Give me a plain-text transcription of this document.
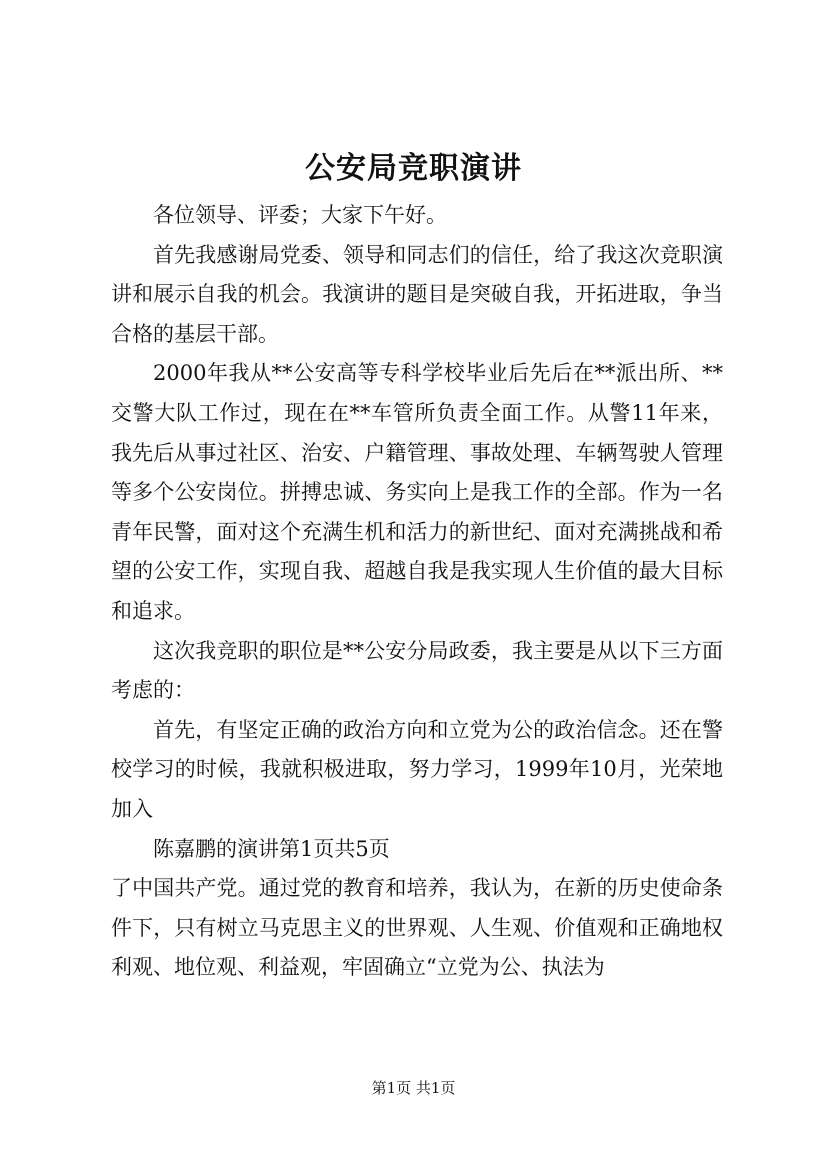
公安局竞职演讲

各位领导、评委；大家下午好。

首先我感谢局党委、领导和同志们的信任，给了我这次竞职演讲和展示自我的机会。我演讲的题目是突破自我，开拓进取，争当合格的基层干部。

2000年我从**公安高等专科学校毕业后先后在**派出所、**交警大队工作过，现在在**车管所负责全面工作。从警11年来，我先后从事过社区、治安、户籍管理、事故处理、车辆驾驶人管理等多个公安岗位。拼搏忠诚、务实向上是我工作的全部。作为一名青年民警，面对这个充满生机和活力的新世纪、面对充满挑战和希望的公安工作，实现自我、超越自我是我实现人生价值的最大目标和追求。

这次我竞职的职位是**公安分局政委，我主要是从以下三方面考虑的：

首先，有坚定正确的政治方向和立党为公的政治信念。还在警校学习的时候，我就积极进取，努力学习，1999年10月，光荣地加入

陈嘉鹏的演讲第1页共5页

了中国共产党。通过党的教育和培养，我认为，在新的历史使命条件下，只有树立马克思主义的世界观、人生观、价值观和正确地权利观、地位观、利益观，牢固确立“立党为公、执法为

第1页 共1页
